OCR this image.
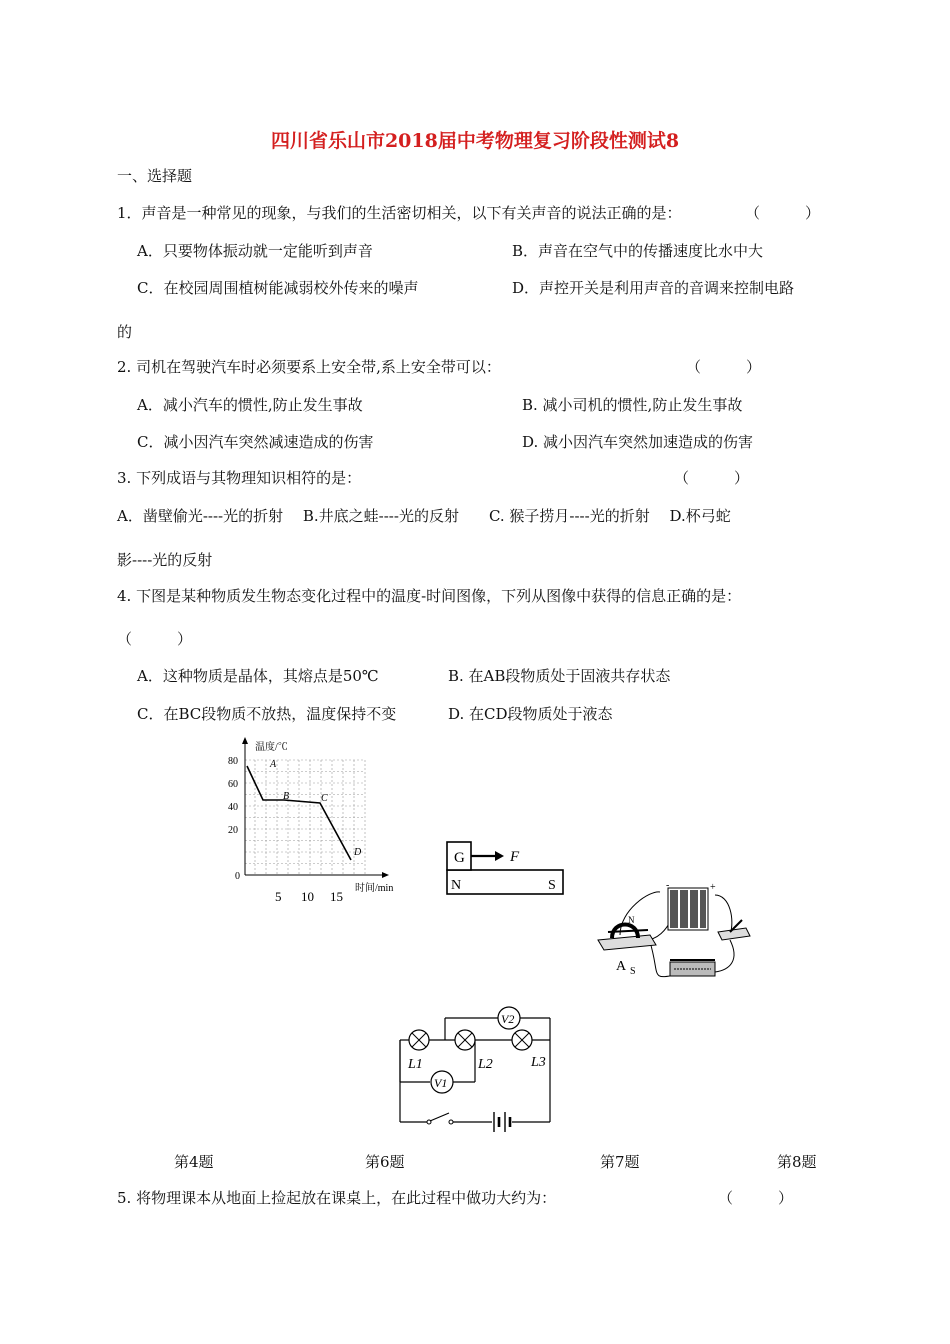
四川省乐山市2018届中考物理复习阶段性测试8
一、选择题
1．声音是一种常见的现象，与我们的生活密切相关，以下有关声音的说法正确的是：	（　　　）
A．只要物体振动就一定能听到声音	B．声音在空气中的传播速度比水中大
C．在校园周围植树能减弱校外传来的噪声	D．声控开关是利用声音的音调来控制电路
的
2. 司机在驾驶汽车时必须要系上安全带,系上安全带可以：	（　　　）
A．减小汽车的惯性,防止发生事故	B. 减小司机的惯性,防止发生事故
C．减小因汽车突然减速造成的伤害	D. 减小因汽车突然加速造成的伤害
3. 下列成语与其物理知识相符的是：	（　　　）
A．凿壁偷光----光的折射　 B.井底之蛙----光的反射　　C. 猴子捞月----光的折射　 D.杯弓蛇
影----光的反射
4. 下图是某种物质发生物态变化过程中的温度-时间图像，下列从图像中获得的信息正确的是：
（　　　）
A．这种物质是晶体，其熔点是50℃	B. 在AB段物质处于固液共存状态
C．在BC段物质不放热，温度保持不变	D. 在CD段物质处于液态
温度/℃
时间/min
80
60
40
20
0
5 10 15
A
B	C
D	G	F
N	S	-	+
N
A S
V2
V1
L1	L2	L3
第4题	第6题	第7题	第8题
5. 将物理课本从地面上捡起放在课桌上，在此过程中做功大约为：	（　　　）
